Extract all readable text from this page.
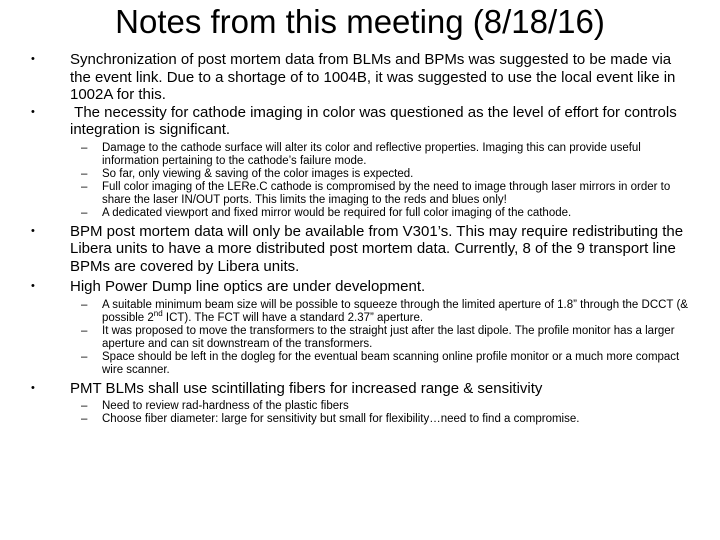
Notes from this meeting (8/18/16)
• Synchronization of post mortem data from BLMs and BPMs was suggested to be made via the event link. Due to a shortage of to 1004B, it was suggested to use the local event like in 1002A for this.
• The necessity for cathode imaging in color was questioned as the level of effort for controls integration is significant.
– Damage to the cathode surface will alter its color and reflective properties. Imaging this can provide useful information pertaining to the cathode’s failure mode.
– So far, only viewing & saving of the color images is expected.
– Full color imaging of the LERe.C cathode is compromised by the need to image through laser mirrors in order to share the laser IN/OUT ports. This limits the imaging to the reds and blues only!
– A dedicated viewport and fixed mirror would be required for full color imaging of the cathode.
• BPM post mortem data will only be available from V301’s. This may require redistributing the Libera units to have a more distributed post mortem data. Currently, 8 of the 9 transport line BPMs are covered by Libera units.
• High Power Dump line optics are under development.
– A suitable minimum beam size will be possible to squeeze through the limited aperture of 1.8” through the DCCT (& possible 2nd ICT). The FCT will have a standard 2.37” aperture.
– It was proposed to move the transformers to the straight just after the last dipole. The profile monitor has a larger aperture and can sit downstream of the transformers.
– Space should be left in the dogleg for the eventual beam scanning online profile monitor or a much more compact wire scanner.
• PMT BLMs shall use scintillating fibers for increased range & sensitivity
– Need to review rad-hardness of the plastic fibers
– Choose fiber diameter: large for sensitivity but small for flexibility…need to find a compromise.
